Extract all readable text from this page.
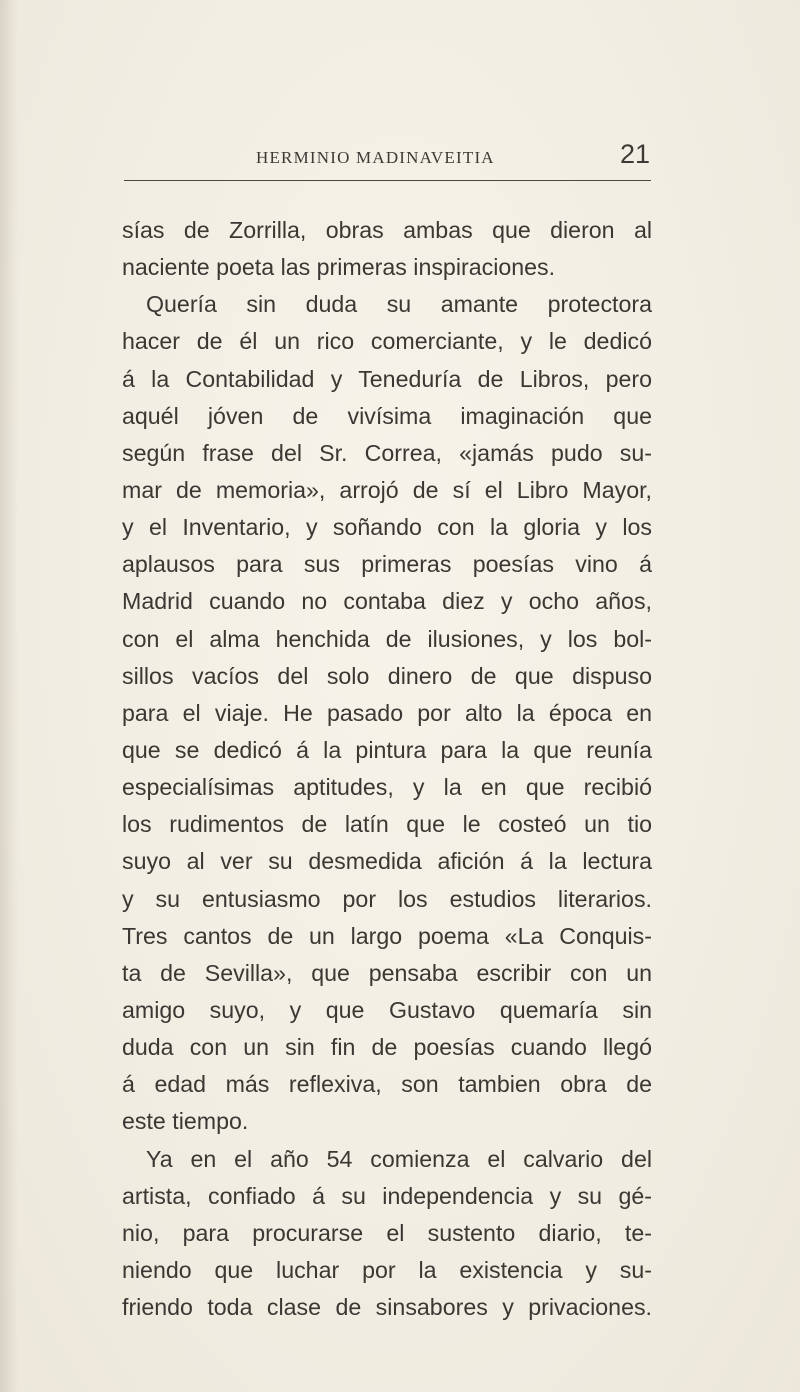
HERMINIO MADINAVEITIA	21
sías de Zorrilla, obras ambas que dieron al
naciente poeta las primeras inspiraciones.
Quería sin duda su amante protectora
hacer de él un rico comerciante, y le dedicó
á la Contabilidad y Teneduría de Libros, pero
aquél jóven de vivísima imaginación que
según frase del Sr. Correa, «jamás pudo su-
mar de memoria», arrojó de sí el Libro Mayor,
y el Inventario, y soñando con la gloria y los
aplausos para sus primeras poesías vino á
Madrid cuando no contaba diez y ocho años,
con el alma henchida de ilusiones, y los bol-
sillos vacíos del solo dinero de que dispuso
para el viaje. He pasado por alto la época en
que se dedicó á la pintura para la que reunía
especialísimas aptitudes, y la en que recibió
los rudimentos de latín que le costeó un tio
suyo al ver su desmedida afición á la lectura
y su entusiasmo por los estudios literarios.
Tres cantos de un largo poema «La Conquis-
ta de Sevilla», que pensaba escribir con un
amigo suyo, y que Gustavo quemaría sin
duda con un sin fin de poesías cuando llegó
á edad más reflexiva, son tambien obra de
este tiempo.
Ya en el año 54 comienza el calvario del
artista, confiado á su independencia y su gé-
nio, para procurarse el sustento diario, te-
niendo que luchar por la existencia y su-
friendo toda clase de sinsabores y privaciones.
